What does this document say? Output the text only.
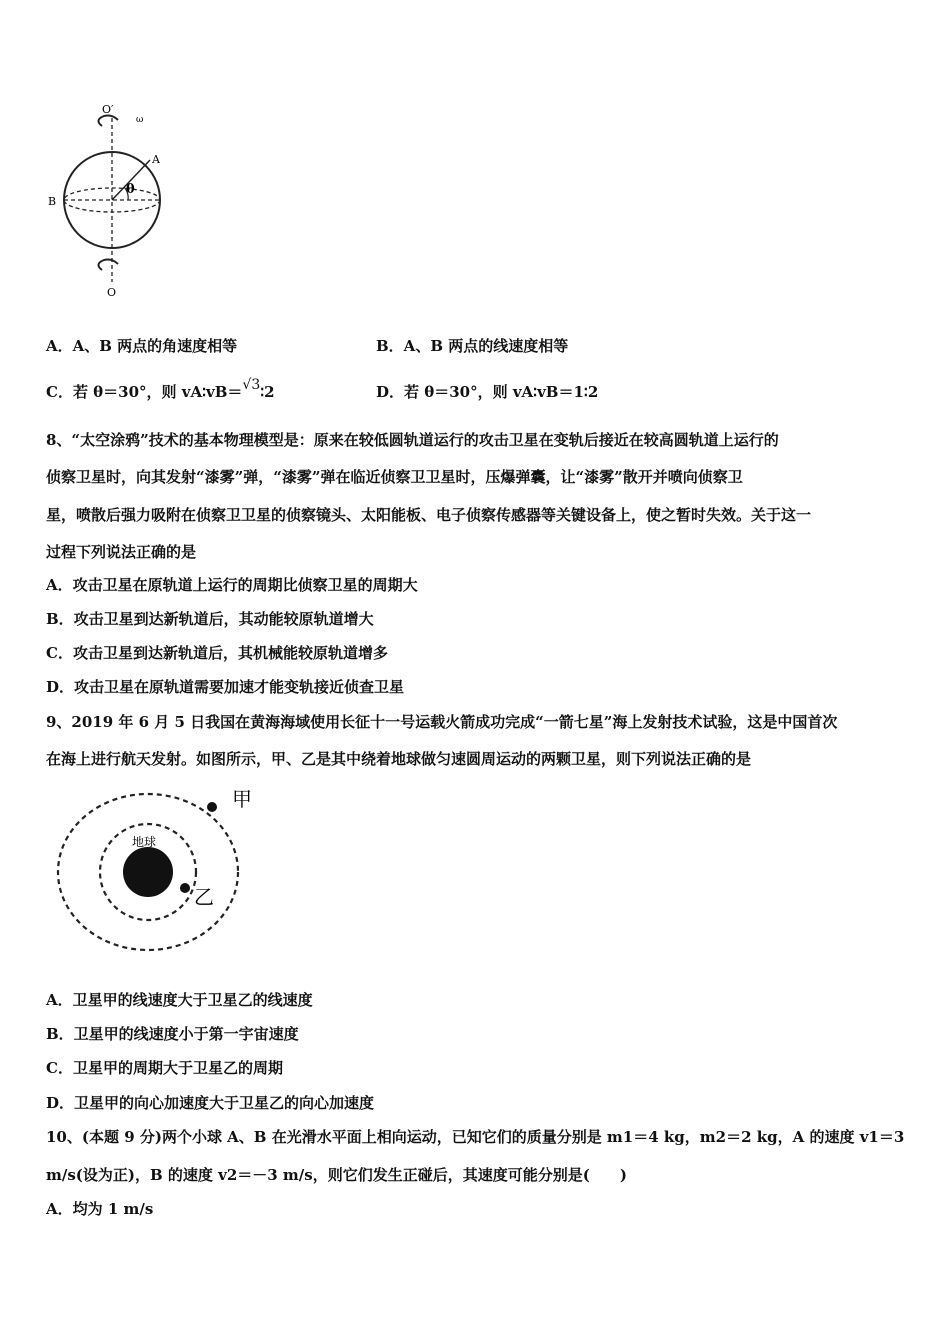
O′
ω
A
B
θ
O
A．A、B 两点的角速度相等	B．A、B 两点的线速度相等
C．若 θ＝30°，则 vA∶vB＝√3∶2	D．若 θ＝30°，则 vA∶vB＝1∶2
8、“太空涂鸦”技术的基本物理模型是：原来在较低圆轨道运行的攻击卫星在变轨后接近在较高圆轨道上运行的
侦察卫星时，向其发射“漆雾”弹，“漆雾”弹在临近侦察卫卫星时，压爆弹囊，让“漆雾”散开并喷向侦察卫
星，喷散后强力吸附在侦察卫卫星的侦察镜头、太阳能板、电子侦察传感器等关键设备上，使之暂时失效。关于这一
过程下列说法正确的是
A．攻击卫星在原轨道上运行的周期比侦察卫星的周期大
B．攻击卫星到达新轨道后，其动能较原轨道增大
C．攻击卫星到达新轨道后，其机械能较原轨道增多
D．攻击卫星在原轨道需要加速才能变轨接近侦查卫星
9、2019 年 6 月 5 日我国在黄海海域使用长征十一号运载火箭成功完成“一箭七星”海上发射技术试验，这是中国首次
在海上进行航天发射。如图所示，甲、乙是其中绕着地球做匀速圆周运动的两颗卫星，则下列说法正确的是
甲
乙
地球
A．卫星甲的线速度大于卫星乙的线速度
B．卫星甲的线速度小于第一宇宙速度
C．卫星甲的周期大于卫星乙的周期
D．卫星甲的向心加速度大于卫星乙的向心加速度
10、(本题 9 分)两个小球 A、B 在光滑水平面上相向运动，已知它们的质量分别是 m1＝4 kg，m2＝2 kg，A 的速度 v1＝3
m/s(设为正)，B 的速度 v2＝－3 m/s，则它们发生正碰后，其速度可能分别是(　　)
A．均为 1 m/s
